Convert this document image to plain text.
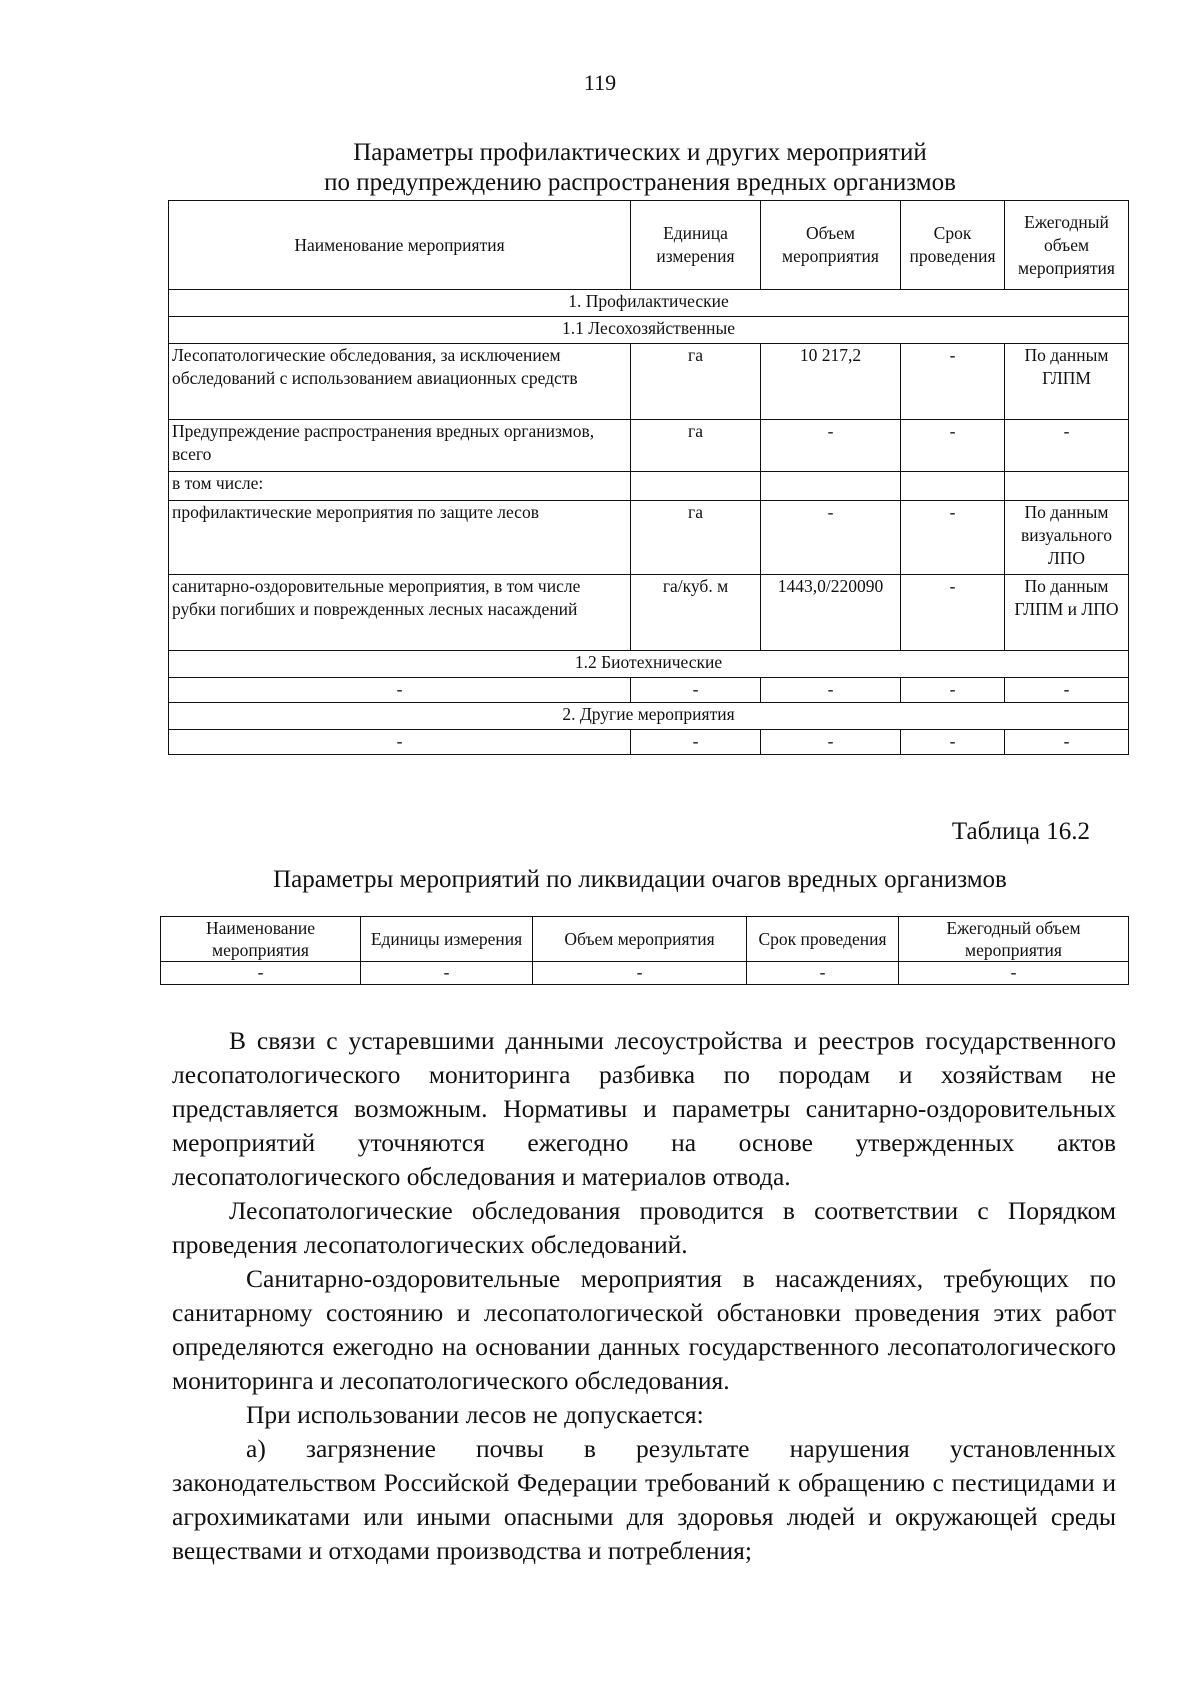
119
Параметры профилактических и других мероприятий
по предупреждению распространения вредных организмов
Наименование мероприятия	Единица измерения	Объем мероприятия	Срок проведения	Ежегодный объем мероприятия
1. Профилактические				
1.1 Лесохозяйственные				
Лесопатологические обследования, за исключением обследований с использованием авиационных средств	га	10 217,2	-	По данным ГЛПМ
Предупреждение распространения вредных организмов, всего	га	-	-	-
в том числе:				
профилактические мероприятия по защите лесов	га	-	-	По данным визуального ЛПО
санитарно-оздоровительные мероприятия, в том числе рубки погибших и поврежденных лесных насаждений	га/куб. м	1443,0/220090	-	По данным ГЛПМ и ЛПО
1.2 Биотехнические				
-	-	-	-	-
2. Другие мероприятия				
-	-	-	-	-
Таблица 16.2
Параметры мероприятий по ликвидации очагов вредных организмов
Наименование мероприятия	Единицы измерения	Объем мероприятия	Срок проведения	Ежегодный объем мероприятия
-	-	-	-	-

В связи с устаревшими данными лесоустройства и реестров государственного лесопатологического мониторинга разбивка по породам и хозяйствам не представляется возможным. Нормативы и параметры санитарно-оздоровительных мероприятий уточняются ежегодно на основе утвержденных актов лесопатологического обследования и материалов отвода.

Лесопатологические обследования проводится в соответствии с Порядком проведения лесопатологических обследований.

Санитарно-оздоровительные мероприятия в насаждениях, требующих по санитарному состоянию и лесопатологической обстановки проведения этих работ определяются ежегодно на основании данных государственного лесопатологического мониторинга и лесопатологического обследования.

При использовании лесов не допускается:

а) загрязнение почвы в результате нарушения установленных законодательством Российской Федерации требований к обращению с пестицидами и агрохимикатами или иными опасными для здоровья людей и окружающей среды веществами и отходами производства и потребления;
